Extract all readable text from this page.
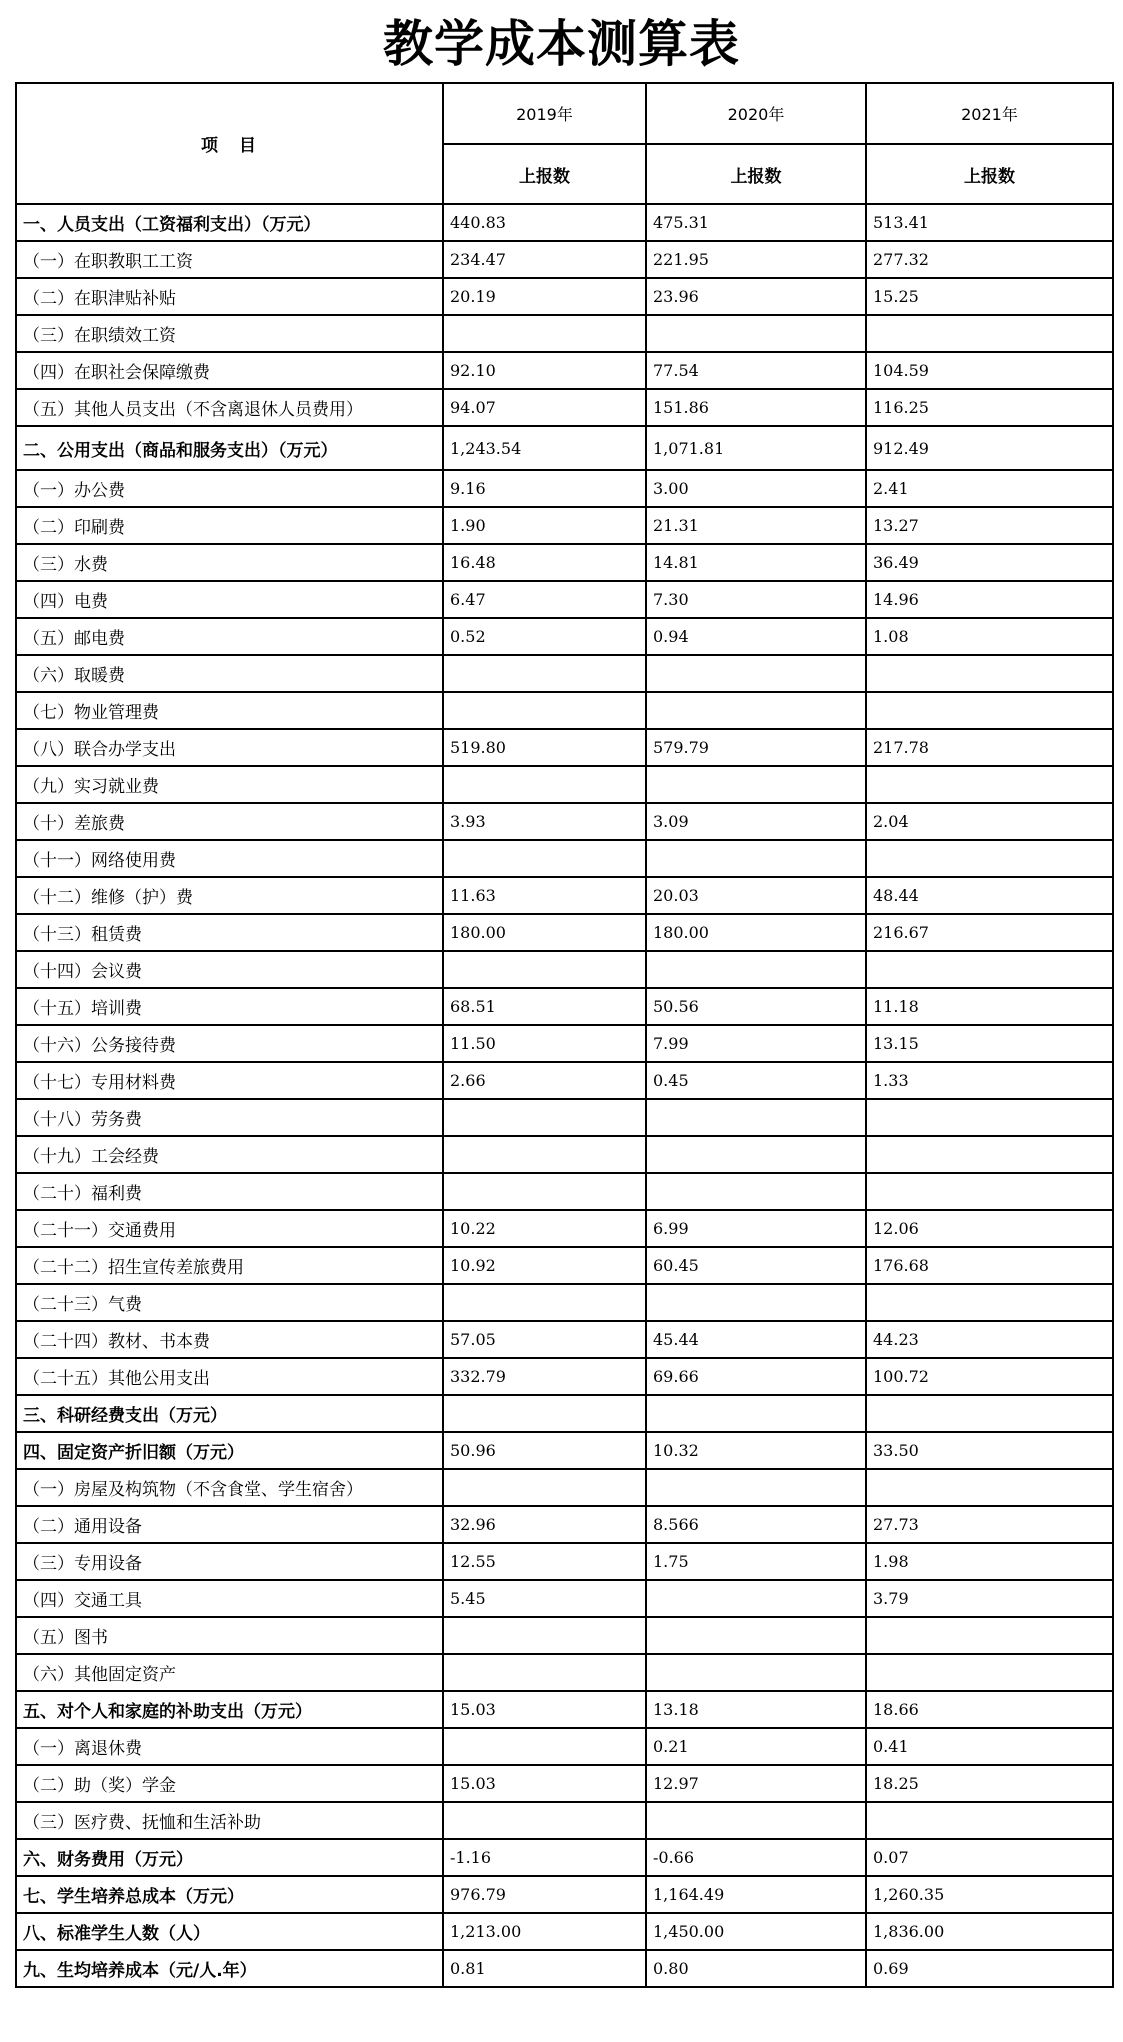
教学成本测算表
项　目	2019年	2020年	2021年
	上报数	上报数	上报数
一、人员支出（工资福利支出）（万元）	440.83	475.31	513.41
（一）在职教职工工资	234.47	221.95	277.32
（二）在职津贴补贴	20.19	23.96	15.25
（三）在职绩效工资			
（四）在职社会保障缴费	92.10	77.54	104.59
（五）其他人员支出（不含离退休人员费用）	94.07	151.86	116.25
二、公用支出（商品和服务支出）（万元）	1,243.54	1,071.81	912.49
（一）办公费	9.16	3.00	2.41
（二）印刷费	1.90	21.31	13.27
（三）水费	16.48	14.81	36.49
（四）电费	6.47	7.30	14.96
（五）邮电费	0.52	0.94	1.08
（六）取暖费			
（七）物业管理费			
（八）联合办学支出	519.80	579.79	217.78
（九）实习就业费			
（十）差旅费	3.93	3.09	2.04
（十一）网络使用费			
（十二）维修（护）费	11.63	20.03	48.44
（十三）租赁费	180.00	180.00	216.67
（十四）会议费			
（十五）培训费	68.51	50.56	11.18
（十六）公务接待费	11.50	7.99	13.15
（十七）专用材料费	2.66	0.45	1.33
（十八）劳务费			
（十九）工会经费			
（二十）福利费			
（二十一）交通费用	10.22	6.99	12.06
（二十二）招生宣传差旅费用	10.92	60.45	176.68
（二十三）气费			
（二十四）教材、书本费	57.05	45.44	44.23
（二十五）其他公用支出	332.79	69.66	100.72
三、科研经费支出（万元）			
四、固定资产折旧额（万元）	50.96	10.32	33.50
（一）房屋及构筑物（不含食堂、学生宿舍）			
（二）通用设备	32.96	8.566	27.73
（三）专用设备	12.55	1.75	1.98
（四）交通工具	5.45		3.79
（五）图书			
（六）其他固定资产			
五、对个人和家庭的补助支出（万元）	15.03	13.18	18.66
（一）离退休费		0.21	0.41
（二）助（奖）学金	15.03	12.97	18.25
（三）医疗费、抚恤和生活补助			
六、财务费用（万元）	-1.16	-0.66	0.07
七、学生培养总成本（万元）	976.79	1,164.49	1,260.35
八、标准学生人数（人）	1,213.00	1,450.00	1,836.00
九、生均培养成本（元/人.年）	0.81	0.80	0.69
